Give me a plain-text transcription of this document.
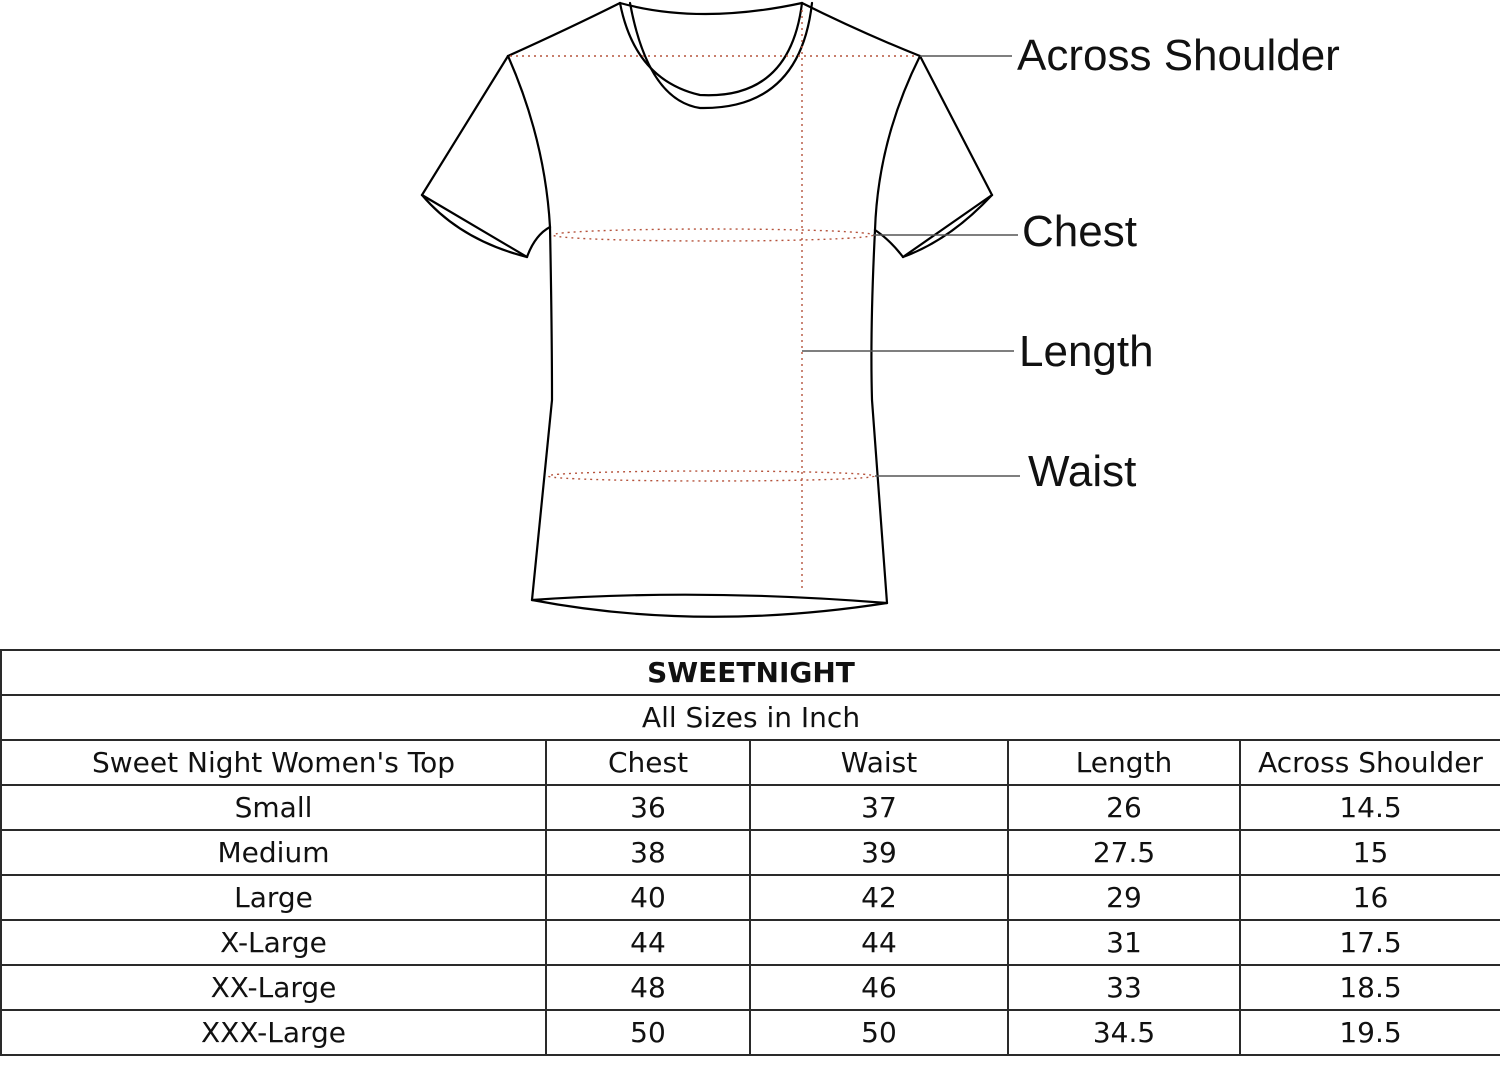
Across Shoulder
Chest
Length
Waist
SWEETNIGHT				
All Sizes in Inch				
Sweet Night Women's Top	Chest	Waist	Length	Across Shoulder
Small	36	37	26	14.5
Medium	38	39	27.5	15
Large	40	42	29	16
X-Large	44	44	31	17.5
XX-Large	48	46	33	18.5
XXX-Large	50	50	34.5	19.5
